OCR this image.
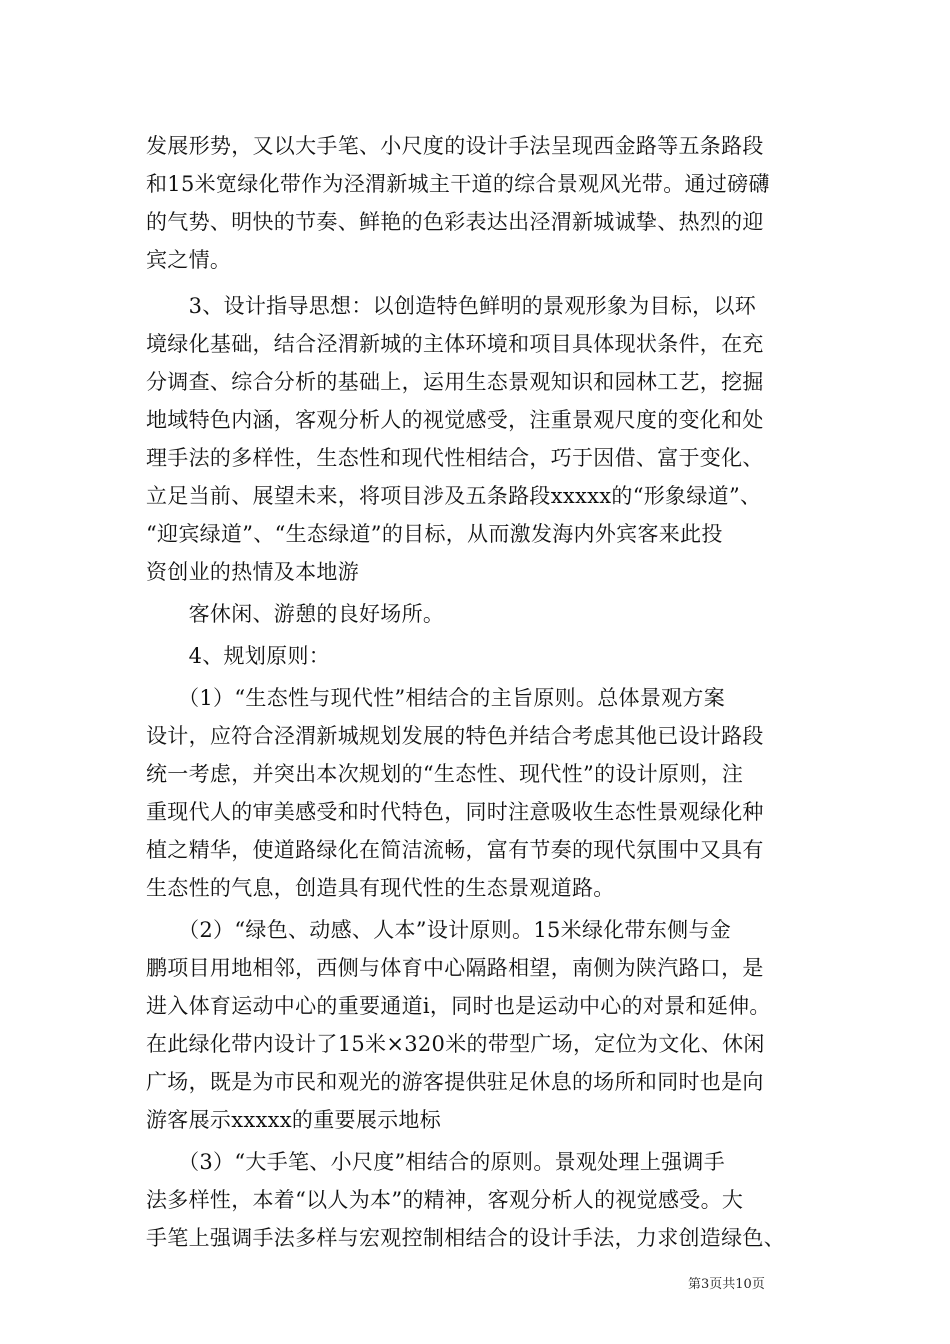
发展形势，又以大手笔、小尺度的设计手法呈现西金路等五条路段
和15米宽绿化带作为泾渭新城主干道的综合景观风光带。通过磅礴
的气势、明快的节奏、鲜艳的色彩表达出泾渭新城诚挚、热烈的迎
宾之情。
　　3、设计指导思想：以创造特色鲜明的景观形象为目标，以环
境绿化基础，结合泾渭新城的主体环境和项目具体现状条件，在充
分调查、综合分析的基础上，运用生态景观知识和园林工艺，挖掘
地域特色内涵，客观分析人的视觉感受，注重景观尺度的变化和处
理手法的多样性，生态性和现代性相结合，巧于因借、富于变化、
立足当前、展望未来，将项目涉及五条路段xxxxx的“形象绿道”、
“迎宾绿道”、“生态绿道”的目标，从而激发海内外宾客来此投
资创业的热情及本地游
　　客休闲、游憩的良好场所。
　　4、规划原则：
　　（1）“生态性与现代性”相结合的主旨原则。总体景观方案
设计，应符合泾渭新城规划发展的特色并结合考虑其他已设计路段
统一考虑，并突出本次规划的“生态性、现代性”的设计原则，注
重现代人的审美感受和时代特色，同时注意吸收生态性景观绿化种
植之精华，使道路绿化在简洁流畅，富有节奏的现代氛围中又具有
生态性的气息，创造具有现代性的生态景观道路。
　　（2）“绿色、动感、人本”设计原则。15米绿化带东侧与金
鹏项目用地相邻，西侧与体育中心隔路相望，南侧为陕汽路口，是
进入体育运动中心的重要通道i，同时也是运动中心的对景和延伸。
在此绿化带内设计了15米×320米的带型广场，定位为文化、休闲
广场，既是为市民和观光的游客提供驻足休息的场所和同时也是向
游客展示xxxxx的重要展示地标
　　（3）“大手笔、小尺度”相结合的原则。景观处理上强调手
法多样性，本着“以人为本”的精神，客观分析人的视觉感受。大
手笔上强调手法多样与宏观控制相结合的设计手法，力求创造绿色、
第3页共10页
